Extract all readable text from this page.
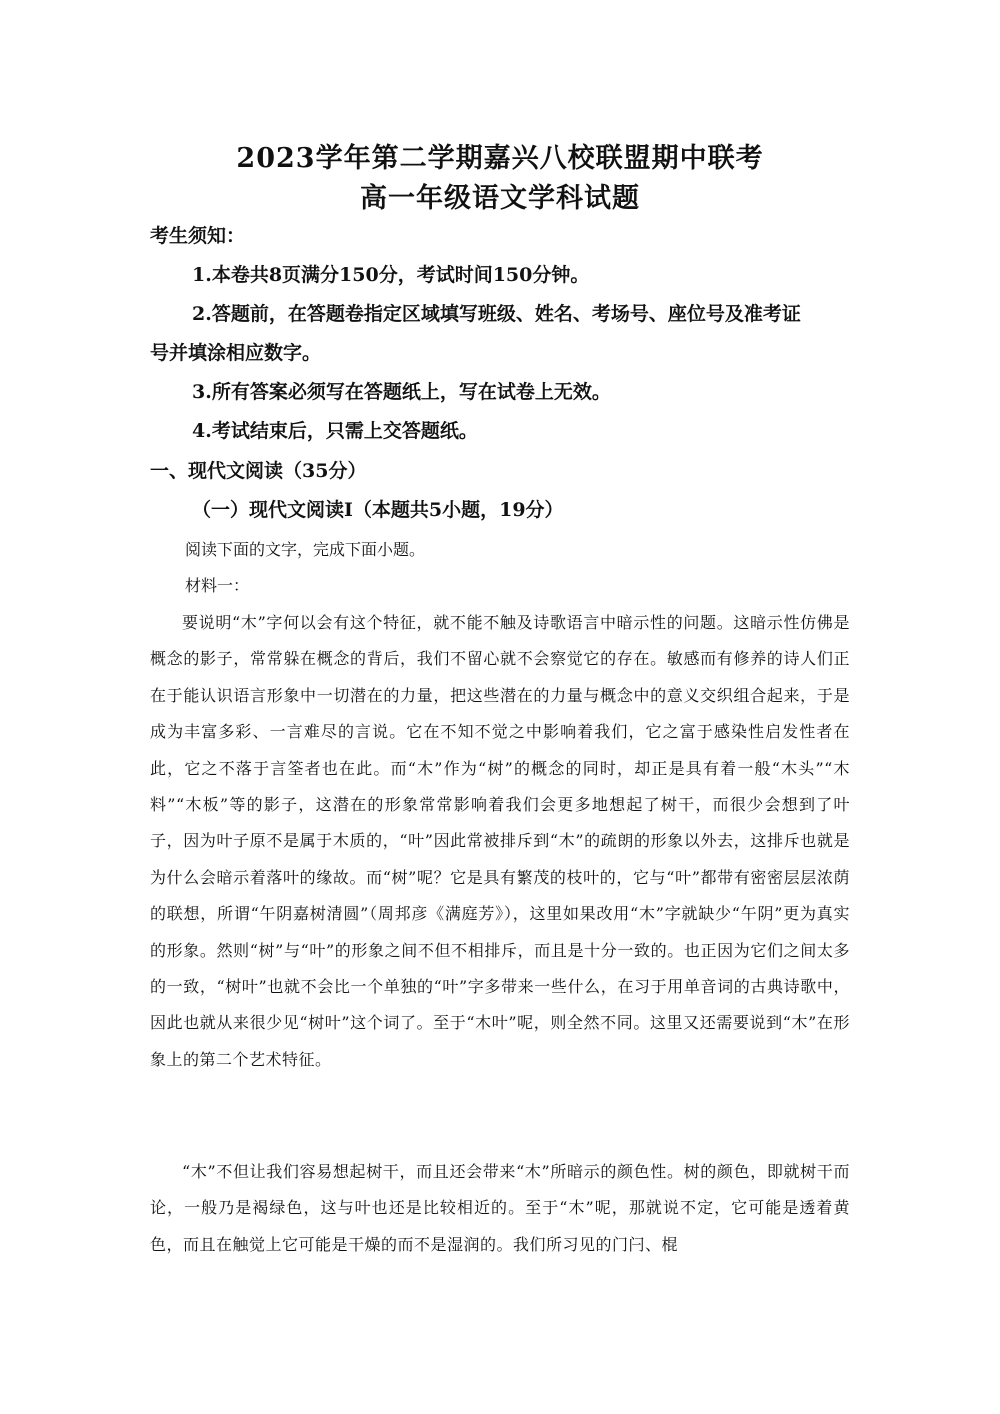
2023学年第二学期嘉兴八校联盟期中联考
高一年级语文学科试题
考生须知：
1.本卷共8页满分150分，考试时间150分钟。
2.答题前，在答题卷指定区域填写班级、姓名、考场号、座位号及准考证
号并填涂相应数字。
3.所有答案必须写在答题纸上，写在试卷上无效。
4.考试结束后，只需上交答题纸。
一、现代文阅读（35分）
（一）现代文阅读Ⅰ（本题共5小题，19分）
阅读下面的文字，完成下面小题。
材料一：

要说明“木”字何以会有这个特征，就不能不触及诗歌语言中暗示性的问题。这暗示性仿佛是概念的影子，常常躲在概念的背后，我们不留心就不会察觉它的存在。敏感而有修养的诗人们正在于能认识语言形象中一切潜在的力量，把这些潜在的力量与概念中的意义交织组合起来，于是成为丰富多彩、一言难尽的言说。它在不知不觉之中影响着我们，它之富于感染性启发性者在此，它之不落于言筌者也在此。而“木”作为“树”的概念的同时，却正是具有着一般“木头”“木料”“木板”等的影子，这潜在的形象常常影响着我们会更多地想起了树干，而很少会想到了叶子，因为叶子原不是属于木质的，“叶”因此常被排斥到“木”的疏朗的形象以外去，这排斥也就是为什么会暗示着落叶的缘故。而“树”呢？它是具有繁茂的枝叶的，它与“叶”都带有密密层层浓荫的联想，所谓“午阴嘉树清圆”（周邦彦《满庭芳》），这里如果改用“木”字就缺少“午阴”更为真实的形象。然则“树”与“叶”的形象之间不但不相排斥，而且是十分一致的。也正因为它们之间太多的一致，“树叶”也就不会比一个单独的“叶”字多带来一些什么，在习于用单音词的古典诗歌中，因此也就从来很少见“树叶”这个词了。至于“木叶”呢，则全然不同。这里又还需要说到“木”在形象上的第二个艺术特征。

“木”不但让我们容易想起树干，而且还会带来“木”所暗示的颜色性。树的颜色，即就树干而论，一般乃是褐绿色，这与叶也还是比较相近的。至于“木”呢，那就说不定，它可能是透着黄色，而且在触觉上它可能是干燥的而不是湿润的。我们所习见的门闩、棍
